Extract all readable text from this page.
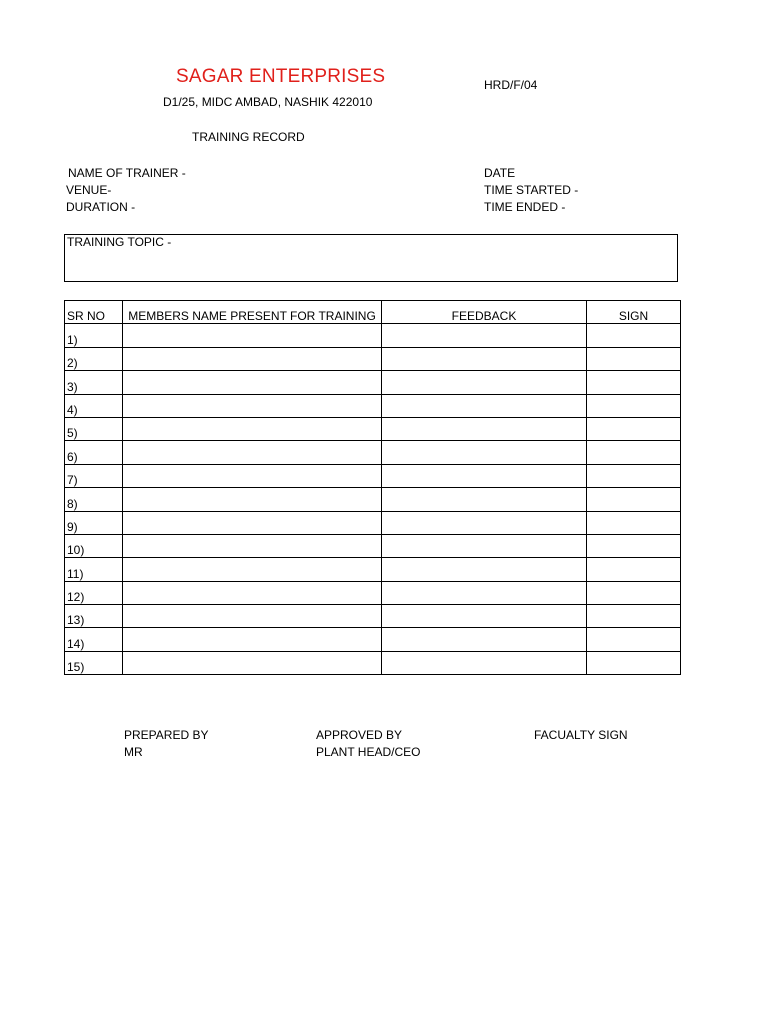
SAGAR ENTERPRISES
D1/25, MIDC AMBAD, NASHIK 422010
HRD/F/04
TRAINING RECORD
NAME OF TRAINER -
VENUE-
DURATION -
DATE
TIME STARTED -
TIME ENDED -
TRAINING TOPIC -
SR NO	MEMBERS NAME PRESENT FOR TRAINING	FEEDBACK	SIGN
1)			
2)			
3)			
4)			
5)			
6)			
7)			
8)			
9)			
10)			
11)			
12)			
13)			
14)			
15)			
PREPARED BY
MR
APPROVED BY
PLANT HEAD/CEO
FACUALTY SIGN
